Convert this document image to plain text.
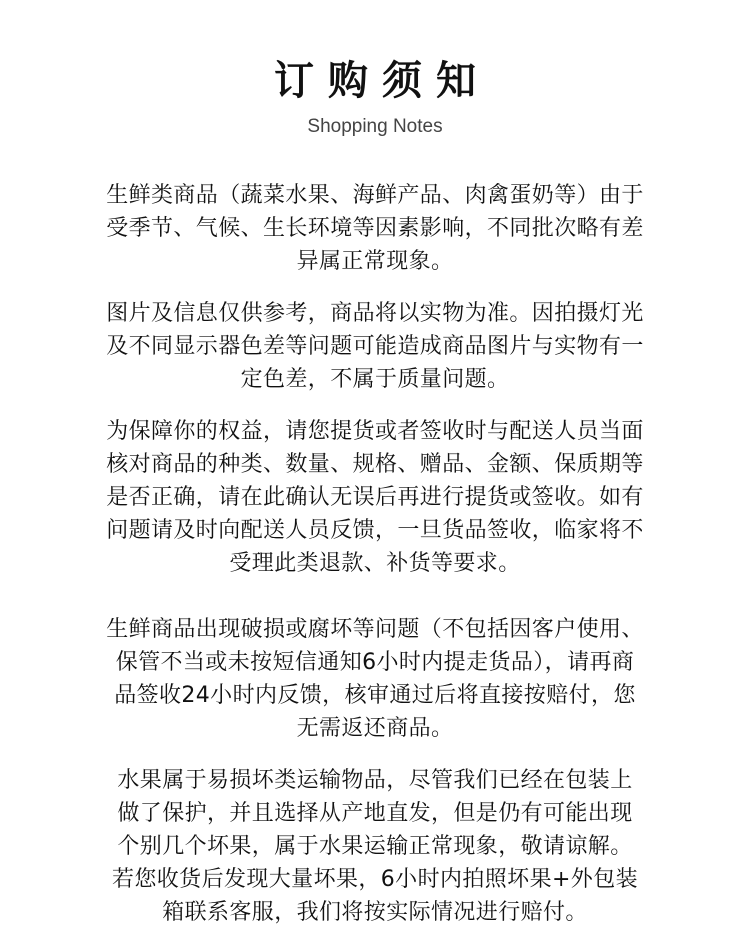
订购须知
Shopping Notes

生鲜类商品（蔬菜水果、海鲜产品、肉禽蛋奶等）由于
受季节、气候、生长环境等因素影响，不同批次略有差
异属正常现象。

图片及信息仅供参考，商品将以实物为准。因拍摄灯光
及不同显示器色差等问题可能造成商品图片与实物有一
定色差，不属于质量问题。

为保障你的权益，请您提货或者签收时与配送人员当面
核对商品的种类、数量、规格、赠品、金额、保质期等
是否正确，请在此确认无误后再进行提货或签收。如有
问题请及时向配送人员反馈，一旦货品签收，临家将不
受理此类退款、补货等要求。

生鲜商品出现破损或腐坏等问题（不包括因客户使用、
保管不当或未按短信通知6小时内提走货品），请再商
品签收24小时内反馈，核审通过后将直接按赔付，您
无需返还商品。

水果属于易损坏类运输物品，尽管我们已经在包装上
做了保护，并且选择从产地直发，但是仍有可能出现
个别几个坏果，属于水果运输正常现象，敬请谅解。
若您收货后发现大量坏果，6小时内拍照坏果+外包装
箱联系客服，我们将按实际情况进行赔付。
